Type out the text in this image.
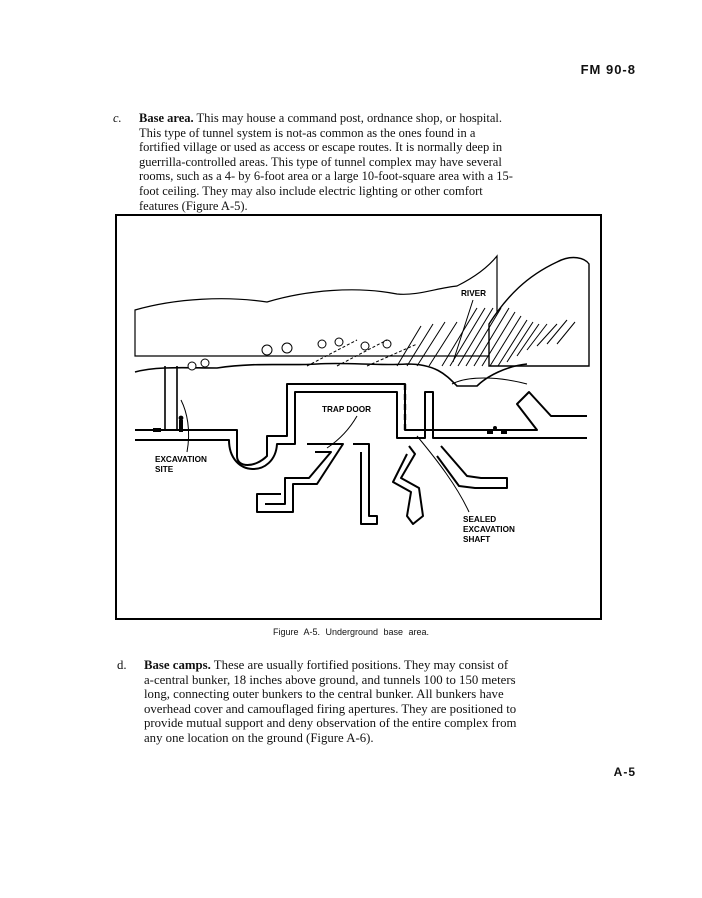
FM 90-8
c. Base area. This may house a command post, ordnance shop, or hospital. This type of tunnel system is not-as common as the ones found in a fortified village or used as access or escape routes. It is normally deep in guerrilla-controlled areas. This type of tunnel complex may have several rooms, such as a 4- by 6-foot area or a large 10-foot-square area with a 15-foot ceiling. They may also include electric lighting or other comfort features (Figure A-5).
RIVER
TRAP DOOR
EXCAVATION
SITE
SEALED
EXCAVATION
SHAFT
Figure A-5. Underground base area.
d. Base camps. These are usually fortified positions. They may consist of a-central bunker, 18 inches above ground, and tunnels 100 to 150 meters long, connecting outer bunkers to the central bunker. All bunkers have overhead cover and camouflaged firing apertures. They are positioned to provide mutual support and deny observation of the entire complex from any one location on the ground (Figure A-6).
A-5
